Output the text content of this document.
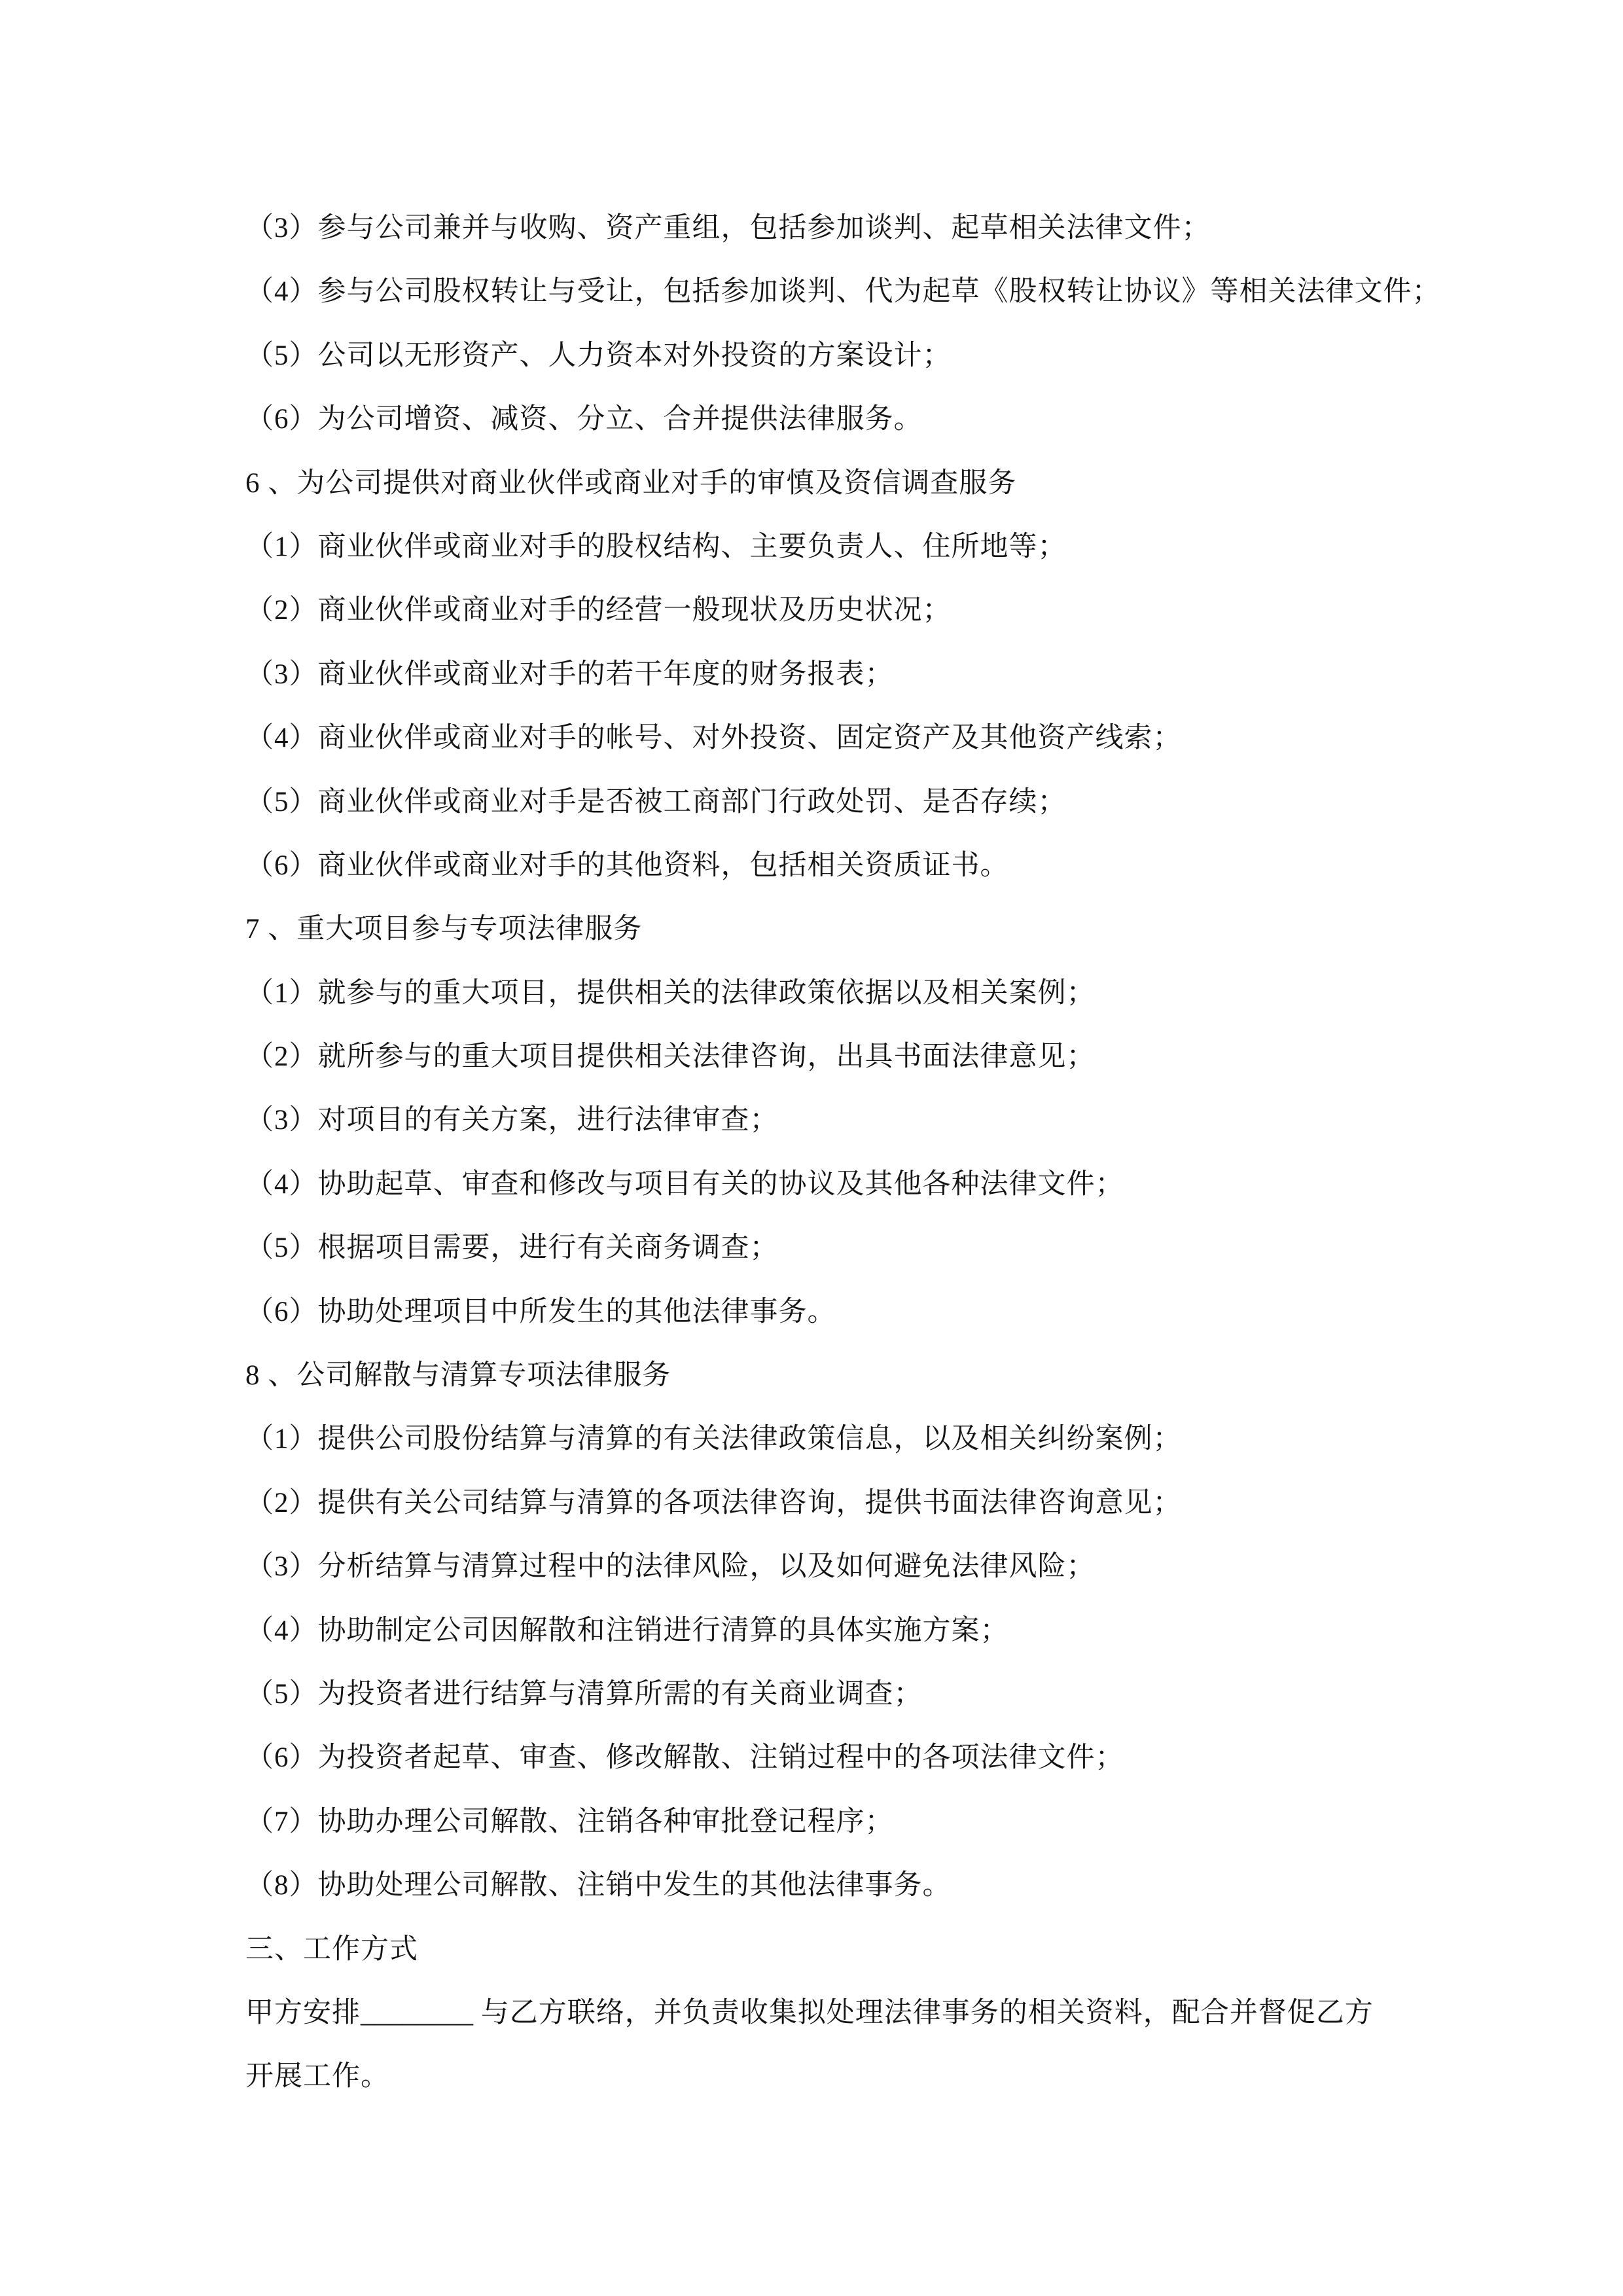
（3）参与公司兼并与收购、资产重组，包括参加谈判、起草相关法律文件；
（4）参与公司股权转让与受让，包括参加谈判、代为起草《股权转让协议》等相关法律文件；
（5）公司以无形资产、人力资本对外投资的方案设计；
（6）为公司增资、减资、分立、合并提供法律服务。
6 、为公司提供对商业伙伴或商业对手的审慎及资信调查服务
（1）商业伙伴或商业对手的股权结构、主要负责人、住所地等；
（2）商业伙伴或商业对手的经营一般现状及历史状况；
（3）商业伙伴或商业对手的若干年度的财务报表；
（4）商业伙伴或商业对手的帐号、对外投资、固定资产及其他资产线索；
（5）商业伙伴或商业对手是否被工商部门行政处罚、是否存续；
（6）商业伙伴或商业对手的其他资料，包括相关资质证书。
7 、重大项目参与专项法律服务
（1）就参与的重大项目，提供相关的法律政策依据以及相关案例；
（2）就所参与的重大项目提供相关法律咨询，出具书面法律意见；
（3）对项目的有关方案，进行法律审查；
（4）协助起草、审查和修改与项目有关的协议及其他各种法律文件；
（5）根据项目需要，进行有关商务调查；
（6）协助处理项目中所发生的其他法律事务。
8 、公司解散与清算专项法律服务
（1）提供公司股份结算与清算的有关法律政策信息，以及相关纠纷案例；
（2）提供有关公司结算与清算的各项法律咨询，提供书面法律咨询意见；
（3）分析结算与清算过程中的法律风险，以及如何避免法律风险；
（4）协助制定公司因解散和注销进行清算的具体实施方案；
（5）为投资者进行结算与清算所需的有关商业调查；
（6）为投资者起草、审查、修改解散、注销过程中的各项法律文件；
（7）协助办理公司解散、注销各种审批登记程序；
（8）协助处理公司解散、注销中发生的其他法律事务。
三、工作方式
甲方安排________ 与乙方联络，并负责收集拟处理法律事务的相关资料，配合并督促乙方
开展工作。
